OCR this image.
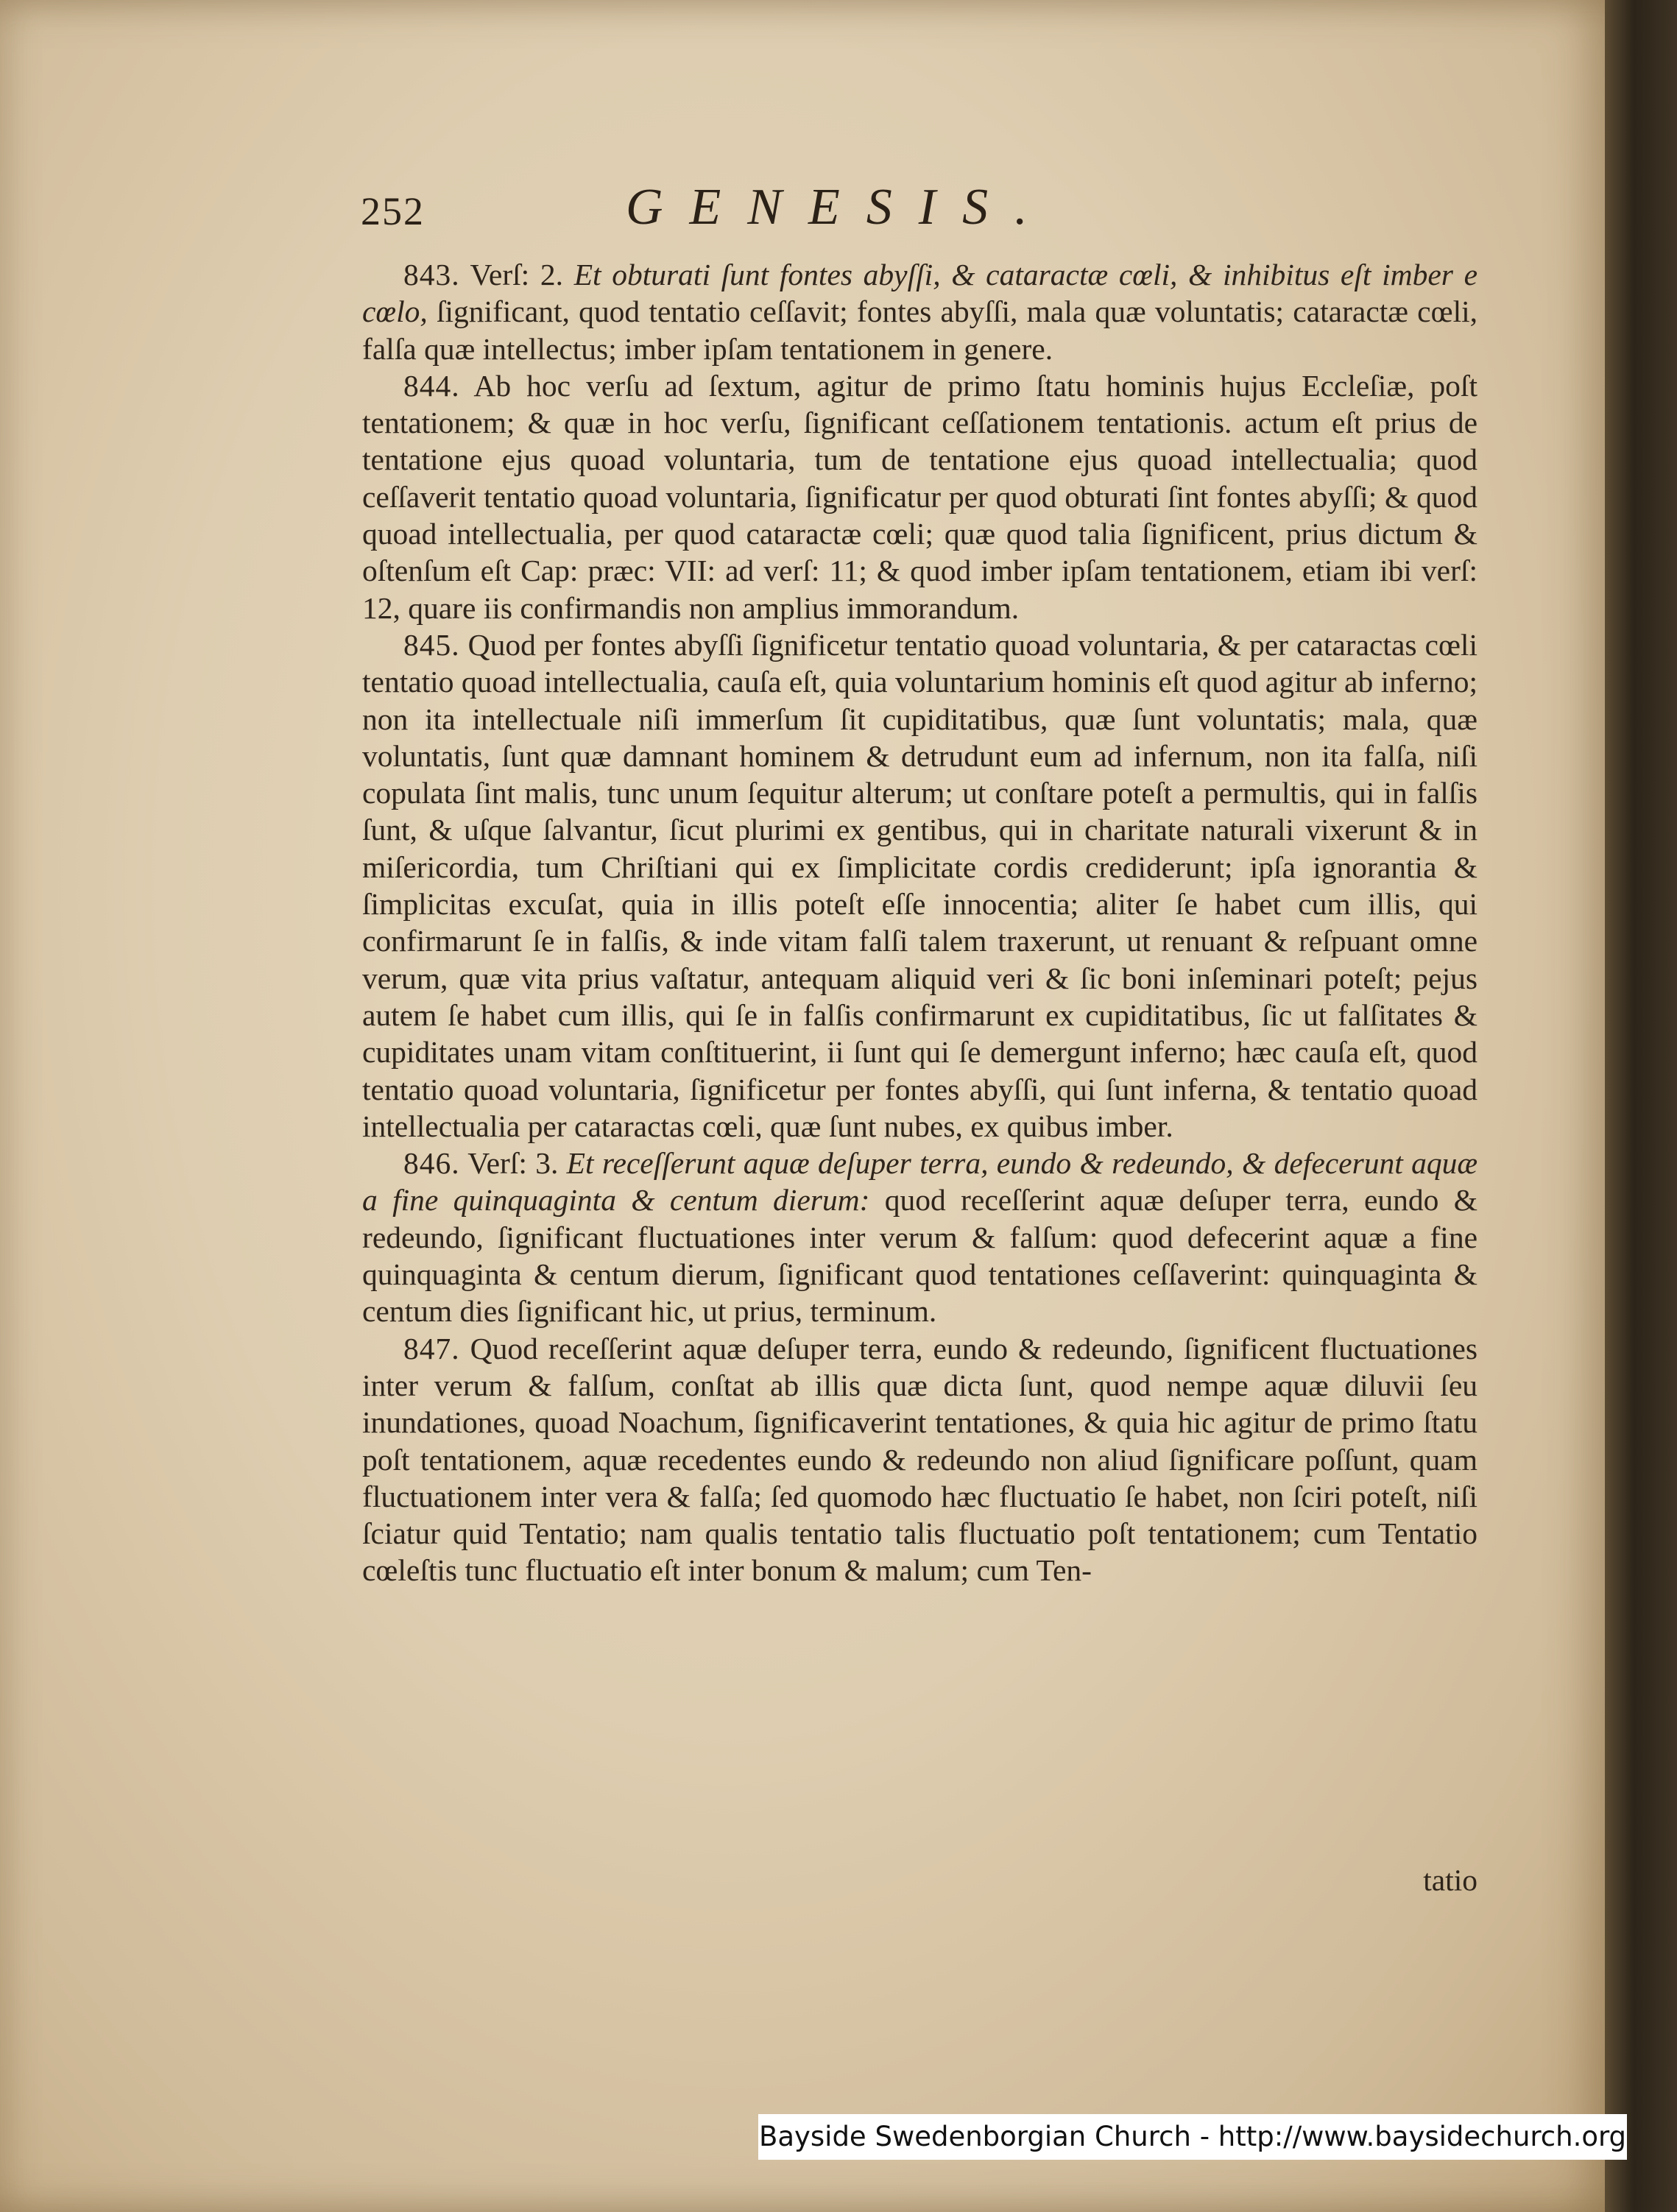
252	GENESIS.

843. Verſ: 2. Et obturati ſunt fontes abyſſi, & cataractæ cœli, & inhibitus eſt imber e cœlo, ſignificant, quod tentatio ceſſavit; fontes abyſſi, mala quæ voluntatis; cataractæ cœli, falſa quæ intellectus; imber ipſam tentationem in genere.

844. Ab hoc verſu ad ſextum, agitur de primo ſtatu hominis hujus Eccleſiæ, poſt tentationem; & quæ in hoc verſu, ſignificant ceſſationem tentationis. actum eſt prius de tentatione ejus quoad voluntaria, tum de tentatione ejus quoad intellectualia; quod ceſſaverit tentatio quoad voluntaria, ſignificatur per quod obturati ſint fontes abyſſi; & quod quoad intellectualia, per quod cataractæ cœli; quæ quod talia ſignificent, prius dictum & oſtenſum eſt Cap: præc: VII: ad verſ: 11; & quod imber ipſam tentationem, etiam ibi verſ: 12, quare iis confirmandis non amplius immorandum.

845. Quod per fontes abyſſi ſignificetur tentatio quoad voluntaria, & per cataractas cœli tentatio quoad intellectualia, cauſa eſt, quia voluntarium hominis eſt quod agitur ab inferno; non ita intellectuale niſi immerſum ſit cupiditatibus, quæ ſunt voluntatis; mala, quæ voluntatis, ſunt quæ damnant hominem & detrudunt eum ad infernum, non ita falſa, niſi copulata ſint malis, tunc unum ſequitur alterum; ut conſtare poteſt a permultis, qui in falſis ſunt, & uſque ſalvantur, ſicut plurimi ex gentibus, qui in charitate naturali vixerunt & in miſericordia, tum Chriſtiani qui ex ſimplicitate cordis crediderunt; ipſa ignorantia & ſimplicitas excuſat, quia in illis poteſt eſſe innocentia; aliter ſe habet cum illis, qui confirmarunt ſe in falſis, & inde vitam falſi talem traxerunt, ut renuant & reſpuant omne verum, quæ vita prius vaſtatur, antequam aliquid veri & ſic boni inſeminari poteſt; pejus autem ſe habet cum illis, qui ſe in falſis confirmarunt ex cupiditatibus, ſic ut falſitates & cupiditates unam vitam conſtituerint, ii ſunt qui ſe demergunt inferno; hæc cauſa eſt, quod tentatio quoad voluntaria, ſignificetur per fontes abyſſi, qui ſunt inferna, & tentatio quoad intellectualia per cataractas cœli, quæ ſunt nubes, ex quibus imber.

846. Verſ: 3. Et receſſerunt aquæ deſuper terra, eundo & redeundo, & defecerunt aquæ a fine quinquaginta & centum dierum: quod receſſerint aquæ deſuper terra, eundo & redeundo, ſignificant fluctuationes inter verum & falſum: quod defecerint aquæ a fine quinquaginta & centum dierum, ſignificant quod tentationes ceſſaverint: quinquaginta & centum dies ſignificant hic, ut prius, terminum.

847. Quod receſſerint aquæ deſuper terra, eundo & redeundo, ſignificent fluctuationes inter verum & falſum, conſtat ab illis quæ dicta ſunt, quod nempe aquæ diluvii ſeu inundationes, quoad Noachum, ſignificaverint tentationes, & quia hic agitur de primo ſtatu poſt tentationem, aquæ recedentes eundo & redeundo non aliud ſignificare poſſunt, quam fluctuationem inter vera & falſa; ſed quomodo hæc fluctuatio ſe habet, non ſciri poteſt, niſi ſciatur quid Tentatio; nam qualis tentatio talis fluctuatio poſt tentationem; cum Tentatio cœleſtis tunc fluctuatio eſt inter bonum & malum; cum Ten-

tatio
Bayside Swedenborgian Church - http://www.baysidechurch.org
